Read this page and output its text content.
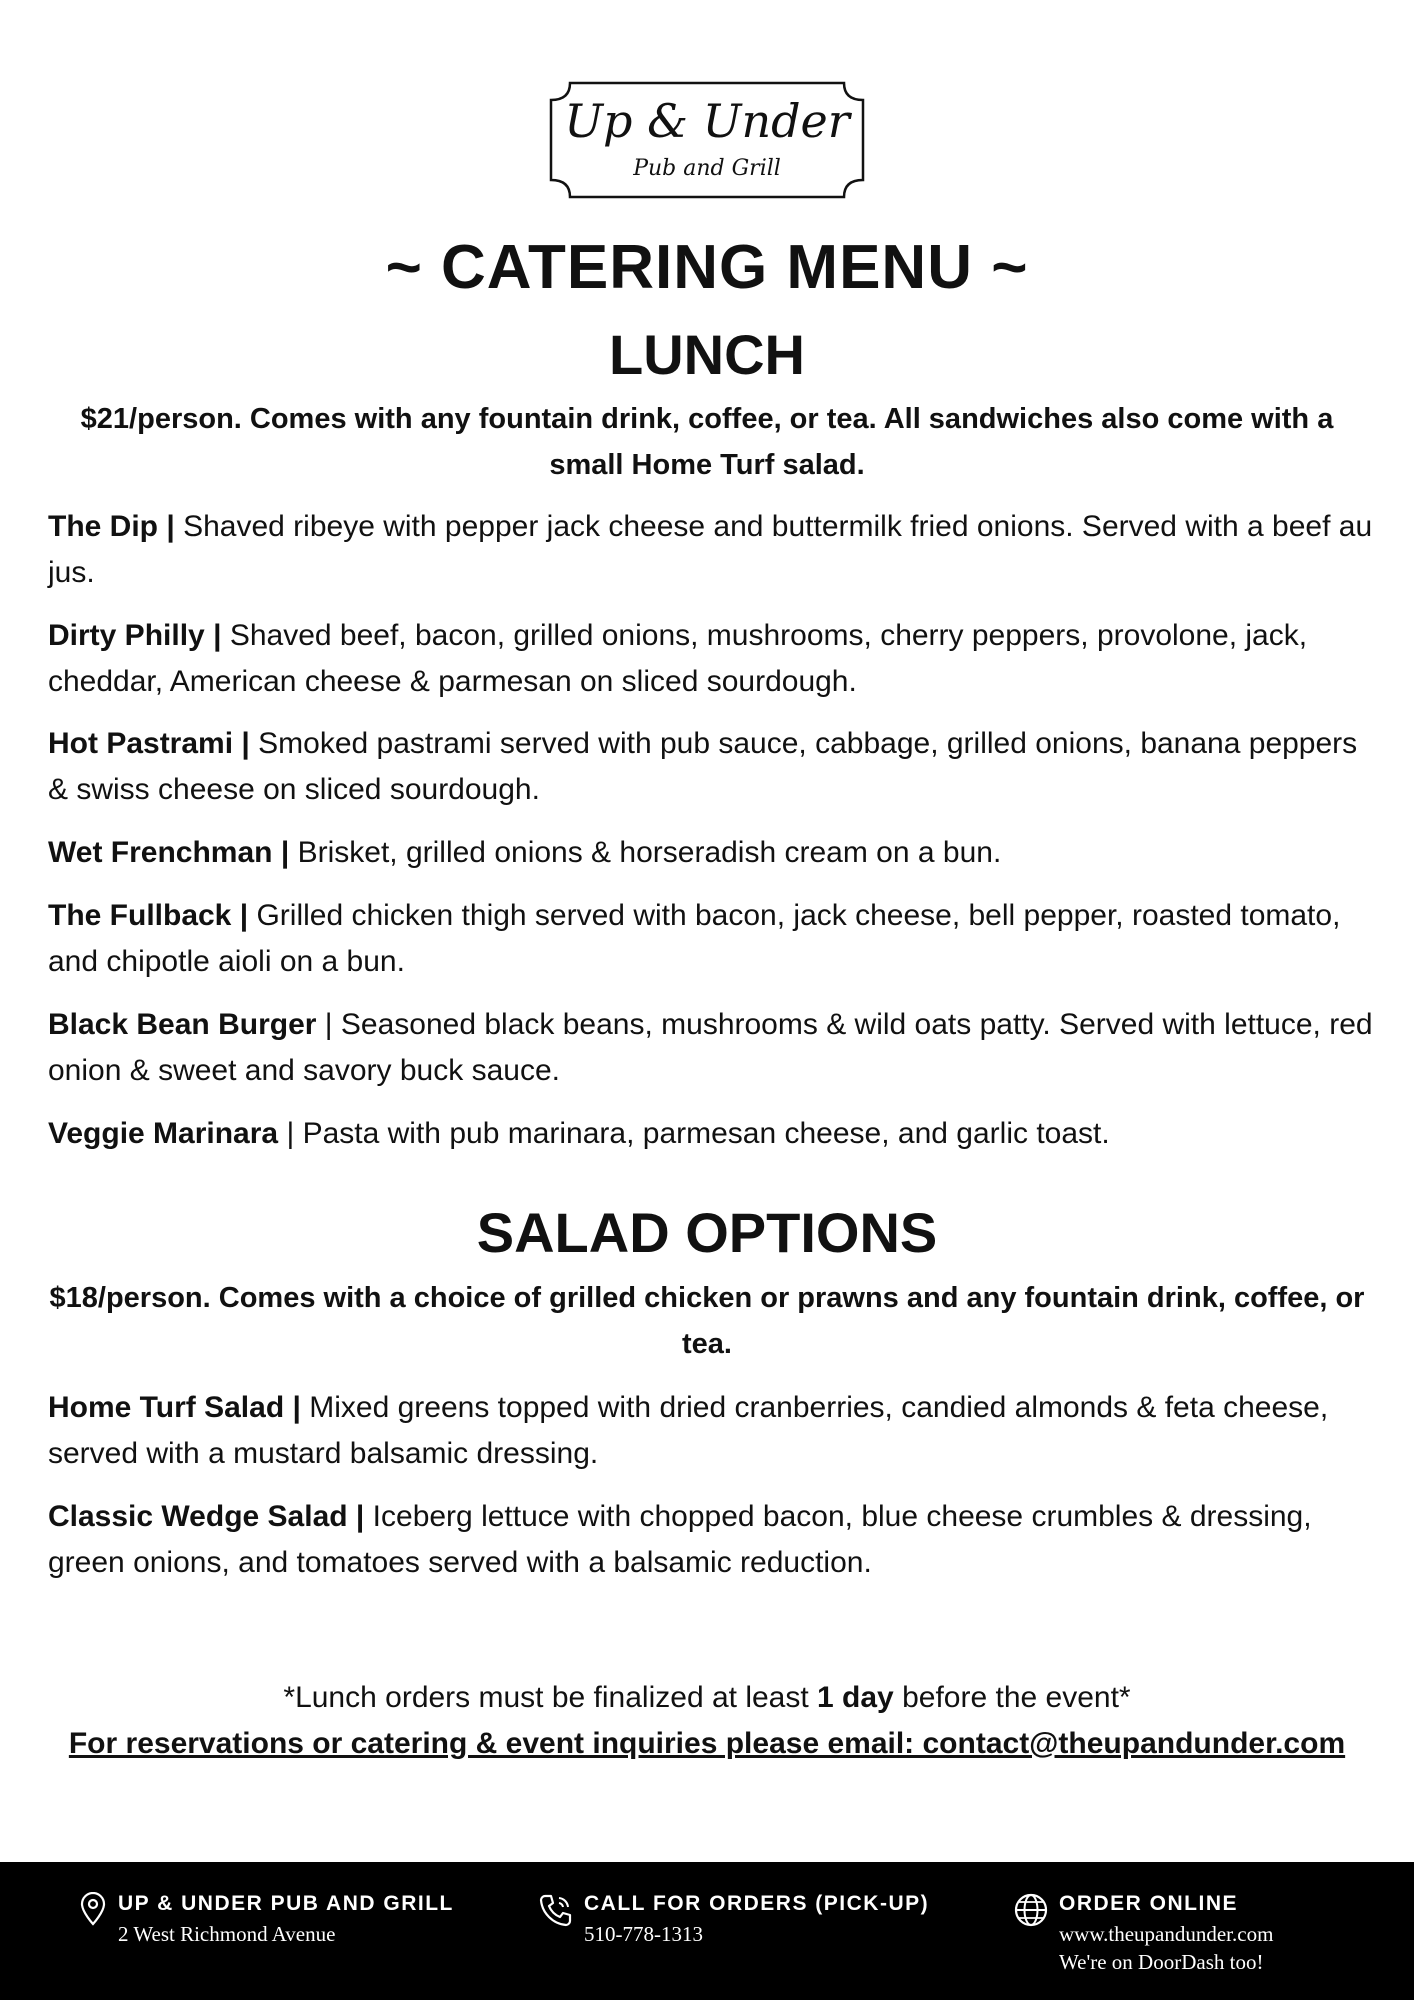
Up & Under
Pub and Grill
~ CATERING MENU ~
LUNCH

$21/person. Comes with any fountain drink, coffee, or tea. All sandwiches also come with a small Home Turf salad.

The Dip | Shaved ribeye with pepper jack cheese and buttermilk fried onions. Served with a beef au jus.

Dirty Philly | Shaved beef, bacon, grilled onions, mushrooms, cherry peppers, provolone, jack, cheddar, American cheese & parmesan on sliced sourdough.

Hot Pastrami | Smoked pastrami served with pub sauce, cabbage, grilled onions, banana peppers & swiss cheese on sliced sourdough.

Wet Frenchman | Brisket, grilled onions & horseradish cream on a bun.

The Fullback | Grilled chicken thigh served with bacon, jack cheese, bell pepper, roasted tomato, and chipotle aioli on a bun.

Black Bean Burger | Seasoned black beans, mushrooms & wild oats patty. Served with lettuce, red onion & sweet and savory buck sauce.

Veggie Marinara | Pasta with pub marinara, parmesan cheese, and garlic toast.

SALAD OPTIONS

$18/person. Comes with a choice of grilled chicken or prawns and any fountain drink, coffee, or tea.

Home Turf Salad | Mixed greens topped with dried cranberries, candied almonds & feta cheese, served with a mustard balsamic dressing.

Classic Wedge Salad | Iceberg lettuce with chopped bacon, blue cheese crumbles & dressing, green onions, and tomatoes served with a balsamic reduction.

*Lunch orders must be finalized at least 1 day before the event*

For reservations or catering & event inquiries please email: contact@theupandunder.com

UP & UNDER PUB AND GRILL
2 West Richmond Avenue
CALL FOR ORDERS (PICK-UP)
510-778-1313
ORDER ONLINE
www.theupandunder.com
We're on DoorDash too!
